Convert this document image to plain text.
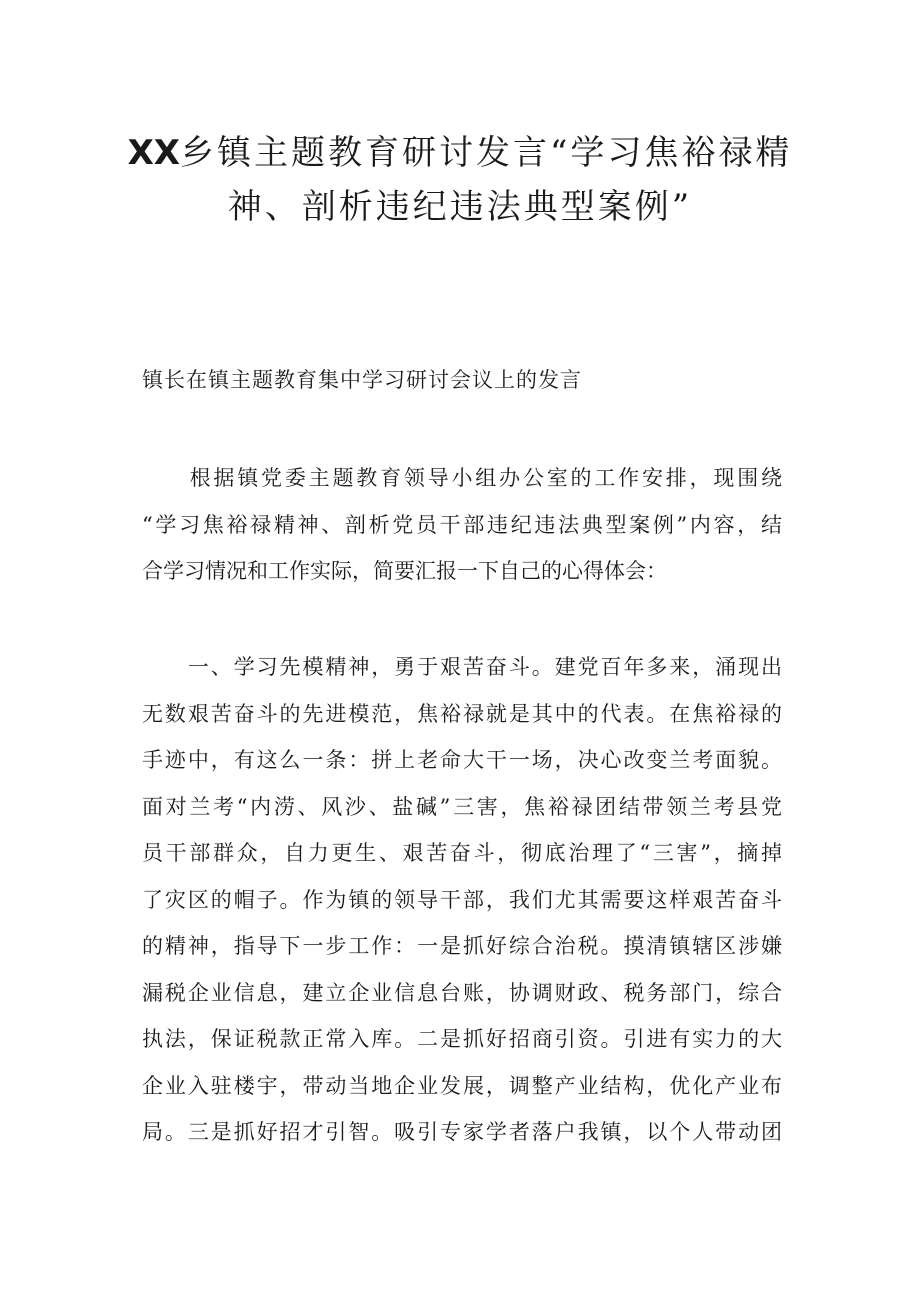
XX乡镇主题教育研讨发言“学习焦裕禄精
神、剖析违纪违法典型案例”
镇长在镇主题教育集中学习研讨会议上的发言
　　根据镇党委主题教育领导小组办公室的工作安排，现围绕
“学习焦裕禄精神、剖析党员干部违纪违法典型案例”内容，结
合学习情况和工作实际，简要汇报一下自己的心得体会：
　　一、学习先模精神，勇于艰苦奋斗。建党百年多来，涌现出
无数艰苦奋斗的先进模范，焦裕禄就是其中的代表。在焦裕禄的
手迹中，有这么一条：拼上老命大干一场，决心改变兰考面貌。
面对兰考“内涝、风沙、盐碱”三害，焦裕禄团结带领兰考县党
员干部群众，自力更生、艰苦奋斗，彻底治理了“三害”，摘掉
了灾区的帽子。作为镇的领导干部，我们尤其需要这样艰苦奋斗
的精神，指导下一步工作：一是抓好综合治税。摸清镇辖区涉嫌
漏税企业信息，建立企业信息台账，协调财政、税务部门，综合
执法，保证税款正常入库。二是抓好招商引资。引进有实力的大
企业入驻楼宇，带动当地企业发展，调整产业结构，优化产业布
局。三是抓好招才引智。吸引专家学者落户我镇，以个人带动团
